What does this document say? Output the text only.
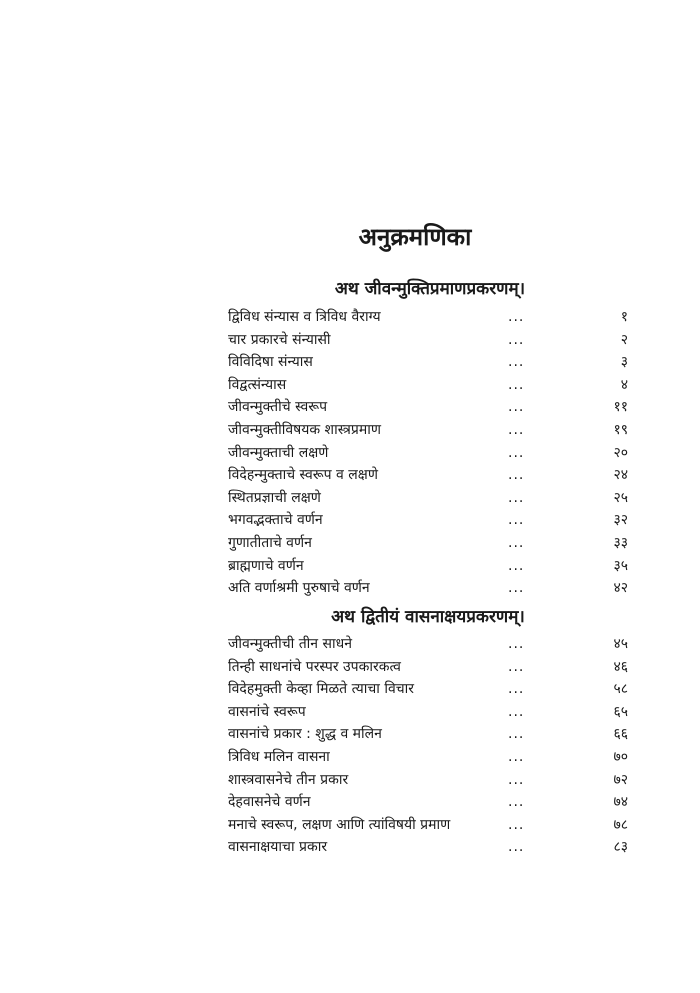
अनुक्रमणिका
अथ जीवन्मुक्तिप्रमाणप्रकरणम्।
द्विविध संन्यास व त्रिविध वैराग्य	...	१
चार प्रकारचे संन्यासी	...	२
विविदिषा संन्यास	...	३
विद्वत्संन्यास	...	४
जीवन्मुक्तीचे स्वरूप	...	११
जीवन्मुक्तीविषयक शास्त्रप्रमाण	...	१९
जीवन्मुक्ताची लक्षणे	...	२०
विदेहन्मुक्ताचे स्वरूप व लक्षणे	...	२४
स्थितप्रज्ञाची लक्षणे	...	२५
भगवद्भक्ताचे वर्णन	...	३२
गुणातीताचे वर्णन	...	३३
ब्राह्मणाचे वर्णन	...	३५
अति वर्णाश्रमी पुरुषाचे वर्णन	...	४२
अथ द्वितीयं वासनाक्षयप्रकरणम्।
जीवन्मुक्तीची तीन साधने	...	४५
तिन्ही साधनांचे परस्पर उपकारकत्व	...	४६
विदेहमुक्ती केव्हा मिळते त्याचा विचार	...	५८
वासनांचे स्वरूप	...	६५
वासनांचे प्रकार : शुद्ध व मलिन	...	६६
त्रिविध मलिन वासना	...	७०
शास्त्रवासनेचे तीन प्रकार	...	७२
देहवासनेचे वर्णन	...	७४
मनाचे स्वरूप, लक्षण आणि त्यांविषयी प्रमाण	...	७८
वासनाक्षयाचा प्रकार	...	८३
